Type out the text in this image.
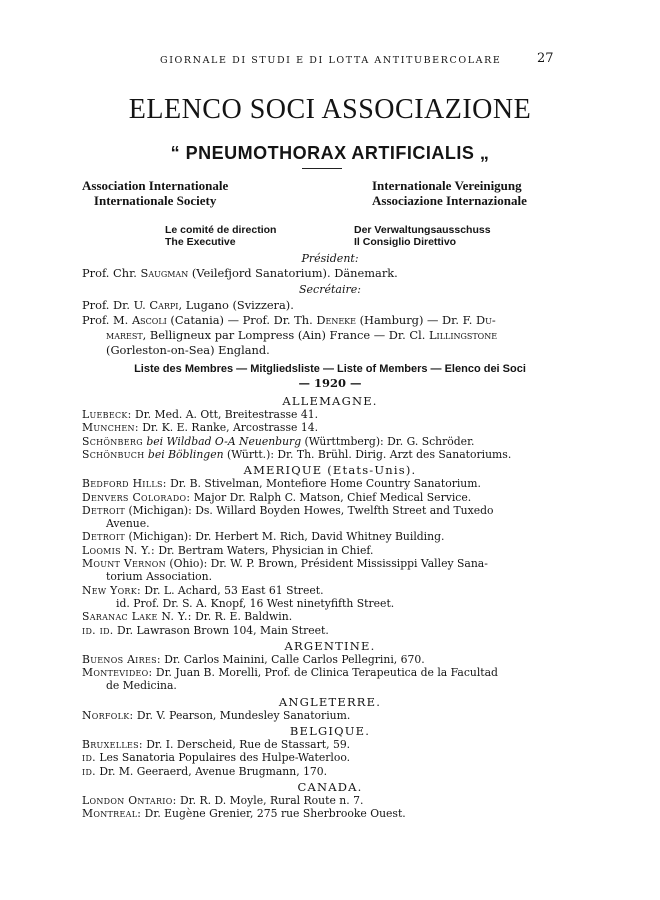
GIORNALE DI STUDI E DI LOTTA ANTITUBERCOLARE	27
ELENCO SOCI ASSOCIAZIONE
“ PNEUMOTHORAX ARTIFICIALIS „
Association Internationale
Internationale Society
Internationale Vereinigung
Associazione Internazionale
Le comité de direction
The Executive
Der Verwaltungsausschuss
Il Consiglio Direttivo
Président:
Prof. Chr. Saugman (Veilefjord Sanatorium). Dänemark.
Secrétaire:
Prof. Dr. U. Carpi, Lugano (Svizzera).
Prof. M. Ascoli (Catania) — Prof. Dr. Th. Deneke (Hamburg) — Dr. F. Du-
marest, Belligneux par Lompress (Ain) France — Dr. Cl. Lillingstone
(Gorleston-on-Sea) England.
Liste des Membres — Mitgliedsliste — Liste of Members — Elenco dei Soci
— 1920 —
ALLEMAGNE.
Luebeck: Dr. Med. A. Ott, Breitestrasse 41.
Munchen: Dr. K. E. Ranke, Arcostrasse 14.
Schönberg bei Wildbad O-A Neuenburg (Württmberg): Dr. G. Schröder.
Schönbuch bei Böblingen (Württ.): Dr. Th. Brühl. Dirig. Arzt des Sanatoriums.
AMERIQUE (Etats-Unis).
Bedford Hills: Dr. B. Stivelman, Montefiore Home Country Sanatorium.
Denvers Colorado: Major Dr. Ralph C. Matson, Chief Medical Service.
Detroit (Michigan): Ds. Willard Boyden Howes, Twelfth Street and Tuxedo
Avenue.
Detroit (Michigan): Dr. Herbert M. Rich, David Whitney Building.
Loomis N. Y.: Dr. Bertram Waters, Physician in Chief.
Mount Vernon (Ohio): Dr. W. P. Brown, Président Mississippi Valley Sana-
torium Association.
New York: Dr. L. Achard, 53 East 61 Street.
id. Prof. Dr. S. A. Knopf, 16 West ninetyfifth Street.
Saranac Lake N. Y.: Dr. R. E. Baldwin.
id. id. Dr. Lawrason Brown 104, Main Street.
ARGENTINE.
Buenos Aires: Dr. Carlos Mainini, Calle Carlos Pellegrini, 670.
Montevideo: Dr. Juan B. Morelli, Prof. de Clinica Terapeutica de la Facultad
de Medicina.
ANGLETERRE.
Norfolk: Dr. V. Pearson, Mundesley Sanatorium.
BELGIQUE.
Bruxelles: Dr. I. Derscheid, Rue de Stassart, 59.
id. Les Sanatoria Populaires des Hulpe-Waterloo.
id. Dr. M. Geeraerd, Avenue Brugmann, 170.
CANADA.
London Ontario: Dr. R. D. Moyle, Rural Route n. 7.
Montreal: Dr. Eugène Grenier, 275 rue Sherbrooke Ouest.
